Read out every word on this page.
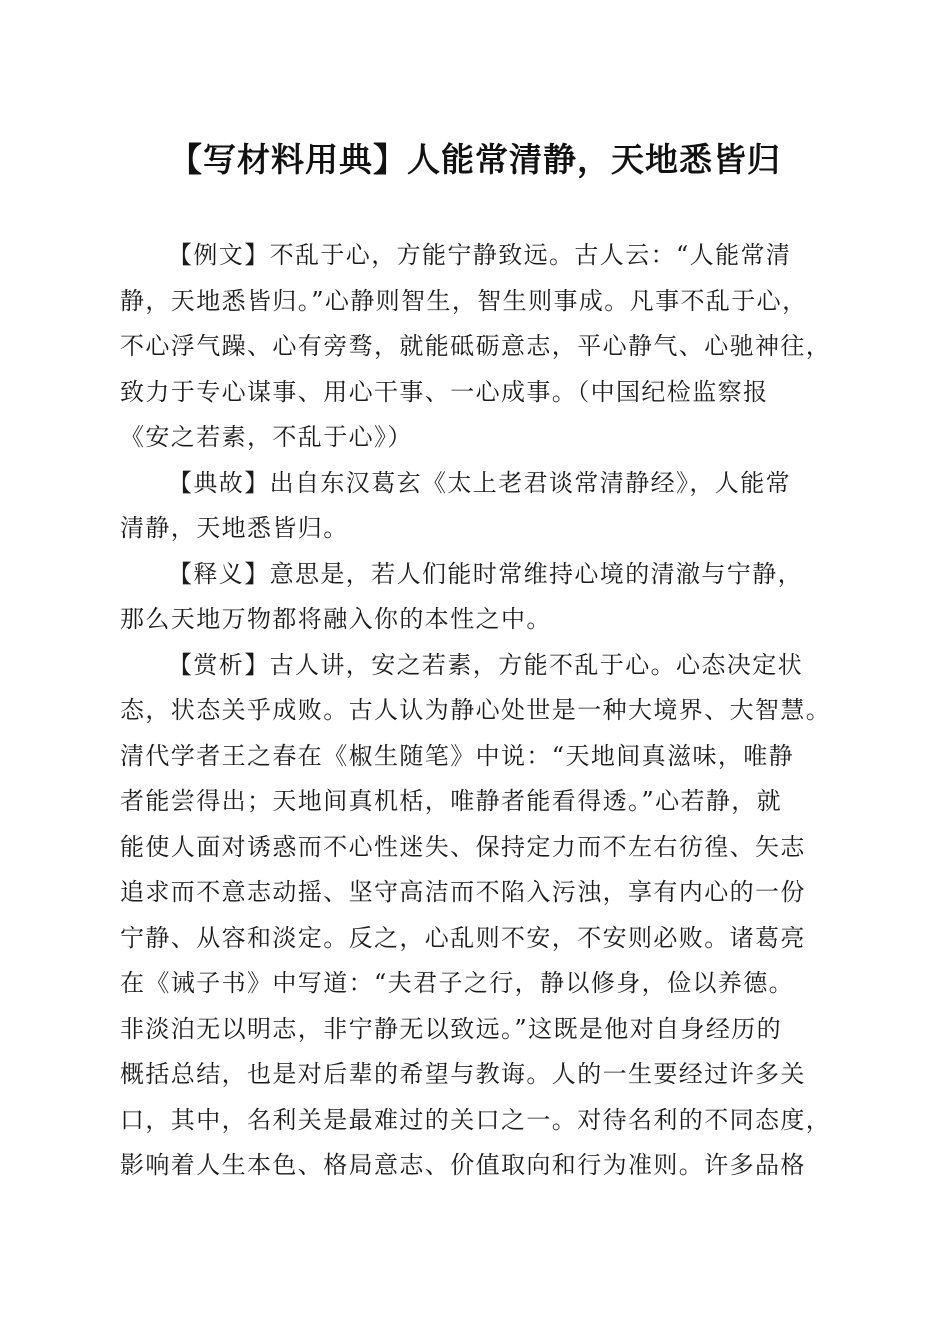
【写材料用典】人能常清静，天地悉皆归
【例文】不乱于心，方能宁静致远。古人云：“人能常清
静，天地悉皆归。”心静则智生，智生则事成。凡事不乱于心，
不心浮气躁、心有旁骛，就能砥砺意志，平心静气、心驰神往，
致力于专心谋事、用心干事、一心成事。（中国纪检监察报
《安之若素，不乱于心》）
【典故】出自东汉葛玄《太上老君谈常清静经》，人能常
清静，天地悉皆归。
【释义】意思是，若人们能时常维持心境的清澈与宁静，
那么天地万物都将融入你的本性之中。
【赏析】古人讲，安之若素，方能不乱于心。心态决定状
态，状态关乎成败。古人认为静心处世是一种大境界、大智慧。
清代学者王之春在《椒生随笔》中说：“天地间真滋味，唯静
者能尝得出；天地间真机栝，唯静者能看得透。”心若静，就
能使人面对诱惑而不心性迷失、保持定力而不左右彷徨、矢志
追求而不意志动摇、坚守高洁而不陷入污浊，享有内心的一份
宁静、从容和淡定。反之，心乱则不安，不安则必败。诸葛亮
在《诫子书》中写道：“夫君子之行，静以修身，俭以养德。
非淡泊无以明志，非宁静无以致远。”这既是他对自身经历的
概括总结，也是对后辈的希望与教诲。人的一生要经过许多关
口，其中，名利关是最难过的关口之一。对待名利的不同态度，
影响着人生本色、格局意志、价值取向和行为准则。许多品格
